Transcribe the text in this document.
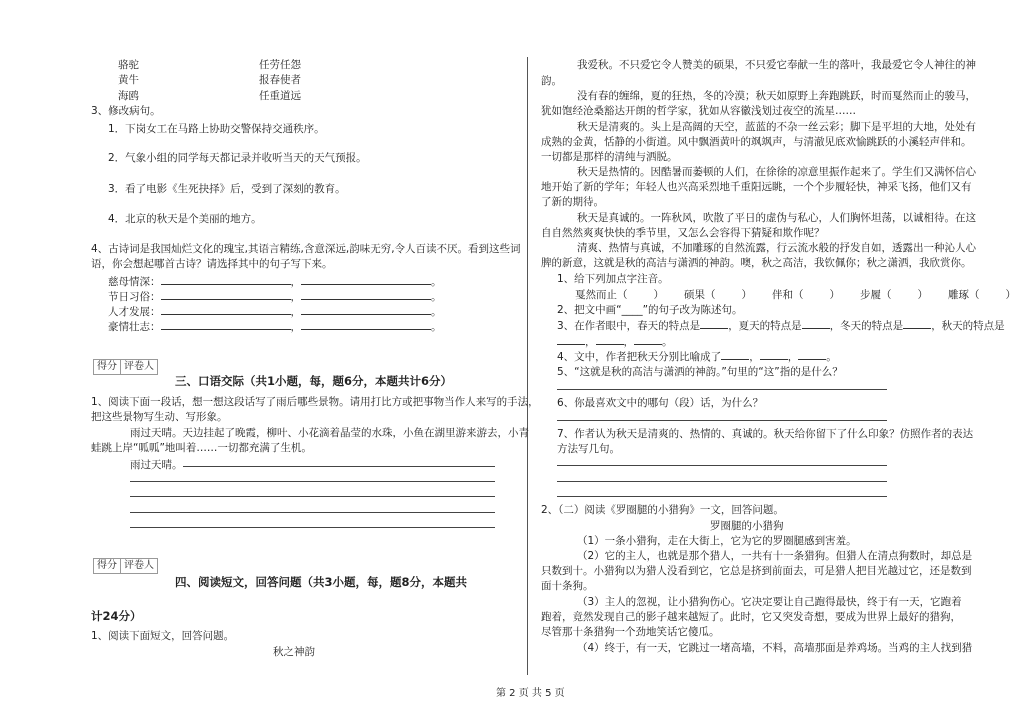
骆驼	任劳任怨
黄牛	报春使者
海鸥	任重道远
3、修改病句。
1．下岗女工在马路上协助交警保持交通秩序。
2．气象小组的同学每天都记录并收听当天的天气预报。
3．看了电影《生死抉择》后，受到了深刻的教育。
4．北京的秋天是个美丽的地方。
4、古诗词是我国灿烂文化的瑰宝,其语言精练,含意深远,韵味无穷,令人百读不厌。看到这些词
语，你会想起哪首古诗？请选择其中的句子写下来。
慈母情深：	，	。
节日习俗：	，	。
人才发展：	，	。
豪情壮志：	，	。
得分 评卷人
三、口语交际（共1小题，每，题6分，本题共计6分）
1、阅读下面一段话，想一想这段话写了雨后哪些景物。请用打比方或把事物当作人来写的手法，
把这些景物写生动、写形象。
雨过天晴。天边挂起了晚霞，柳叶、小花滴着晶莹的水珠，小鱼在湖里游来游去，小青
蛙跳上岸“呱呱”地叫着……一切都充满了生机。
雨过天晴。
得分 评卷人
四、阅读短文，回答问题（共3小题，每，题8分，本题共
计24分）
1、阅读下面短文，回答问题。
秋之神韵
我爱秋。不只爱它令人赞美的硕果，不只爱它奉献一生的落叶，我最爱它令人神往的神
韵。
没有春的缠绵，夏的狂热，冬的冷漠；秋天如原野上奔跑跳跃，时而戛然而止的骏马，
犹如饱经沧桑豁达开朗的哲学家，犹如从容徽浅划过夜空的流星……
秋天是清爽的。头上是高阔的天空，蓝蓝的不杂一丝云彩；脚下是平坦的大地，处处有
成熟的金黄，恬静的小街道。风中飘酒黄叶的飒飒声，与清澈见底欢愉跳跃的小溪轻声伴和。
一切都是那样的清纯与洒脱。
秋天是热情的。因酷暑而萎顿的人们，在徐徐的凉意里振作起来了。学生们又满怀信心
地开始了新的学年；年轻人也兴高采烈地千重阳远眺，一个个步履轻快，神采飞扬，他们又有
了新的期待。
秋天是真诚的。一阵秋风，吹散了平日的虚伪与私心，人们胸怀坦荡，以诚相待。在这
自自然然爽爽快快的季节里，又怎么会容得下猜疑和欺作呢？
清爽、热情与真诚，不加雕琢的自然流露，行云流水般的抒发自如，透露出一种沁人心
脾的新意，这就是秋的高洁与潇洒的神韵。噢，秋之高洁，我钦佩你；秋之潇洒，我欣赏你。
1、给下列加点字注音。
戛然而止（ ） 硕果（ ） 伴和（ ） 步履（ ） 雕琢（ ）
2、把文中画“____”的句子改为陈述句。
3、在作者眼中，春天的特点是	，夏天的特点是	，冬天的特点是	，秋天的特点是
，	，	。
4、文中，作者把秋天分别比喻成了	，	，	。
5、“这就是秋的高洁与潇洒的神韵。”句里的“这”指的是什么？
6、你最喜欢文中的哪句（段）话，为什么？
7、作者认为秋天是清爽的、热情的、真诚的。秋天给你留下了什么印象？仿照作者的表达
方法写几句。
2、（二）阅读《罗圈腿的小猎狗》一文，回答问题。
罗圈腿的小猎狗
（1）一条小猎狗，走在大街上，它为它的罗圈腿感到害羞。
（2）它的主人，也就是那个猎人，一共有十一条猎狗。但猎人在清点狗数时，却总是
只数到十。小猎狗以为猎人没看到它，它总是挤到前面去，可是猎人把目光越过它，还是数到
面十条狗。
（3）主人的忽视，让小猎狗伤心。它决定要让自己跑得最快，终于有一天，它跑着
跑着，竟然发现自己的影子越来越短了。此时，它又突发奇想，要成为世界上最好的猎狗，
尽管那十条猎狗一个劲地笑话它傻瓜。
（4）终于，有一天，它跳过一堵高墙，不料，高墙那面是养鸡场。当鸡的主人找到猎
第 2 页 共 5 页
